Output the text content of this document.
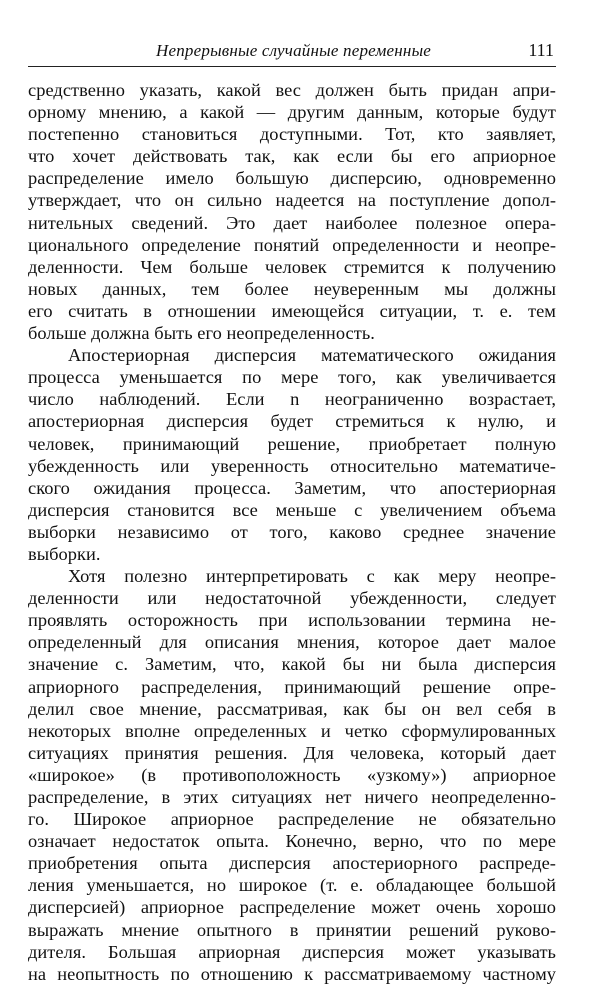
Непрерывные случайные переменные	111
средственно указать, какой вес должен быть придан апри-
орному мнению, а какой — другим данным, которые будут
постепенно становиться доступными. Тот, кто заявляет,
что хочет действовать так, как если бы его априорное
распределение имело большую дисперсию, одновременно
утверждает, что он сильно надеется на поступление допол-
нительных сведений. Это дает наиболее полезное опера-
ционального определение понятий определенности и неопре-
деленности. Чем больше человек стремится к получению
новых данных, тем более неуверенным мы должны
его считать в отношении имеющейся ситуации, т. е. тем
больше должна быть его неопределенность.
Апостериорная дисперсия математического ожидания
процесса уменьшается по мере того, как увеличивается
число наблюдений. Если n неограниченно возрастает,
апостериорная дисперсия будет стремиться к нулю, и
человек, принимающий решение, приобретает полную
убежденность или уверенность относительно математиче-
ского ожидания процесса. Заметим, что апостериорная
дисперсия становится все меньше с увеличением объема
выборки независимо от того, каково среднее значение
выборки.
Хотя полезно интерпретировать c как меру неопре-
деленности или недостаточной убежденности, следует
проявлять осторожность при использовании термина не-
определенный для описания мнения, которое дает малое
значение c. Заметим, что, какой бы ни была дисперсия
априорного распределения, принимающий решение опре-
делил свое мнение, рассматривая, как бы он вел себя в
некоторых вполне определенных и четко сформулированных
ситуациях принятия решения. Для человека, который дает
«широкое» (в противоположность «узкому») априорное
распределение, в этих ситуациях нет ничего неопределенно-
го. Широкое априорное распределение не обязательно
означает недостаток опыта. Конечно, верно, что по мере
приобретения опыта дисперсия апостериорного распреде-
ления уменьшается, но широкое (т. е. обладающее большой
дисперсией) априорное распределение может очень хорошо
выражать мнение опытного в принятии решений руково-
дителя. Большая априорная дисперсия может указывать
на неопытность по отношению к рассматриваемому частному
